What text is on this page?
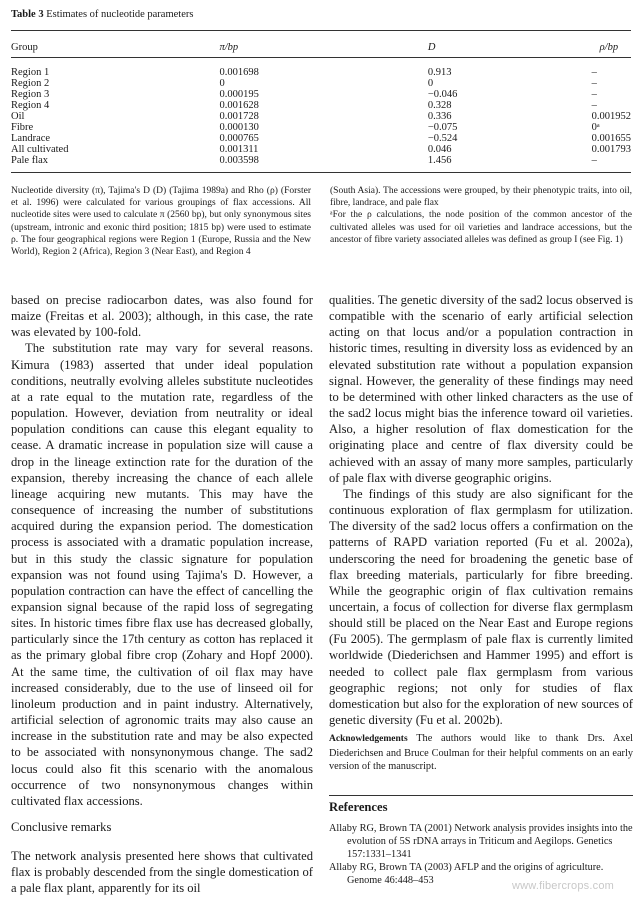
Table 3 Estimates of nucleotide parameters
Group	π/bp	D	ρ/bp
Region 1	0.001698	0.913	–
Region 2	0	0	–
Region 3	0.000195	−0.046	–
Region 4	0.001628	0.328	–
Oil	0.001728	0.336	0.001952
Fibre	0.000130	−0.075	0ᵃ
Landrace	0.000765	−0.524	0.001655
All cultivated	0.001311	0.046	0.001793
Pale flax	0.003598	1.456	–
Nucleotide diversity (π), Tajima's D (D) (Tajima 1989a) and Rho (ρ) (Forster et al. 1996) were calculated for various groupings of flax accessions. All nucleotide sites were used to calculate π (2560 bp), but only synonymous sites (upstream, intronic and exonic third position; 1815 bp) were used to estimate ρ. The four geographical regions were Region 1 (Europe, Russia and the New World), Region 2 (Africa), Region 3 (Near East), and Region 4
(South Asia). The accessions were grouped, by their phenotypic traits, into oil, fibre, landrace, and pale flax
ᵃFor the ρ calculations, the node position of the common ancestor of the cultivated alleles was used for oil varieties and landrace accessions, but the ancestor of fibre variety associated alleles was defined as group I (see Fig. 1)

based on precise radiocarbon dates, was also found for maize (Freitas et al. 2003); although, in this case, the rate was elevated by 100-fold.

The substitution rate may vary for several reasons. Kimura (1983) asserted that under ideal population conditions, neutrally evolving alleles substitute nucleotides at a rate equal to the mutation rate, regardless of the population. However, deviation from neutrality or ideal population conditions can cause this elegant equality to cease. A dramatic increase in population size will cause a drop in the lineage extinction rate for the duration of the expansion, thereby increasing the chance of each allele lineage acquiring new mutants. This may have the consequence of increasing the number of substitutions acquired during the expansion period. The domestication process is associated with a dramatic population increase, but in this study the classic signature for population expansion was not found using Tajima's D. However, a population contraction can have the effect of cancelling the expansion signal because of the rapid loss of segregating sites. In historic times fibre flax use has decreased globally, particularly since the 17th century as cotton has replaced it as the primary global fibre crop (Zohary and Hopf 2000). At the same time, the cultivation of oil flax may have increased considerably, due to the use of linseed oil for linoleum production and in paint industry. Alternatively, artificial selection of agronomic traits may also cause an increase in the substitution rate and may be also expected to be associated with nonsynonymous change. The sad2 locus could also fit this scenario with the anomalous occurrence of two nonsynonymous changes within cultivated flax accessions.

Conclusive remarks
The network analysis presented here shows that cultivated flax is probably descended from the single domestication of a pale flax plant, apparently for its oil

qualities. The genetic diversity of the sad2 locus observed is compatible with the scenario of early artificial selection acting on that locus and/or a population contraction in historic times, resulting in diversity loss as evidenced by an elevated substitution rate without a population expansion signal. However, the generality of these findings may need to be determined with other linked characters as the use of the sad2 locus might bias the inference toward oil varieties. Also, a higher resolution of flax domestication for the originating place and centre of flax diversity could be achieved with an assay of many more samples, particularly of pale flax with diverse geographic origins.

The findings of this study are also significant for the continuous exploration of flax germplasm for utilization. The diversity of the sad2 locus offers a confirmation on the patterns of RAPD variation reported (Fu et al. 2002a), underscoring the need for broadening the genetic base of flax breeding materials, particularly for fibre breeding. While the geographic origin of flax cultivation remains uncertain, a focus of collection for diverse flax germplasm should still be placed on the Near East and Europe regions (Fu 2005). The germplasm of pale flax is currently limited worldwide (Diederichsen and Hammer 1995) and effort is needed to collect pale flax germplasm from various geographic regions; not only for studies of flax domestication but also for the exploration of new sources of genetic diversity (Fu et al. 2002b).

Acknowledgements The authors would like to thank Drs. Axel Diederichsen and Bruce Coulman for their helpful comments on an early version of the manuscript.
References

Allaby RG, Brown TA (2001) Network analysis provides insights into the evolution of 5S rDNA arrays in Triticum and Aegilops. Genetics 157:1331–1341

Allaby RG, Brown TA (2003) AFLP and the origins of agriculture. Genome 46:448–453	www.fibercrops.com
